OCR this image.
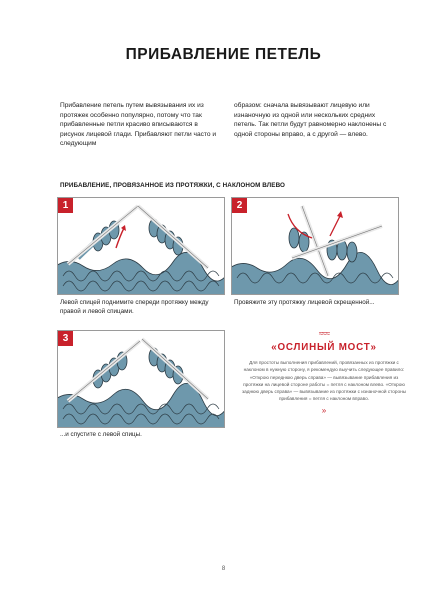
ПРИБАВЛЕНИЕ ПЕТЕЛЬ
Прибавление петель путем вывязывания их из протяжек особенно популярно, потому что так прибавленные петли красиво вписываются в рисунок лицевой глади. Прибавляют петли часто и следующим
образом: сначала вывязывают лицевую или изнаночную из одной или нескольких средних петель. Так петли будут равномерно наклонены с одной стороны вправо, а с другой — влево.
ПРИБАВЛЕНИЕ, ПРОВЯЗАННОЕ ИЗ ПРОТЯЖКИ, С НАКЛОНОМ ВЛЕВО
1	2
3
Левой спицей поднимите спереди протяжку между правой и левой спицами.
Провяжите эту протяжку лицевой скрещенной...
...и спустите с левой спицы.
≈≈≈
«ОСЛИНЫЙ МОСТ»
Для простоты выполнения прибавлений, провязанных из протяжки с наклоном в нужную сторону, я рекомендую выучить следующее правило: «Открою переднюю дверь справа» — вывязывание прибавления из протяжки на лицевой стороне работы = петля с наклоном влево. «Открою заднюю дверь справа» — вывязывание из протяжки с изнаночной стороны прибавления = петля с наклоном вправо.
»
8
